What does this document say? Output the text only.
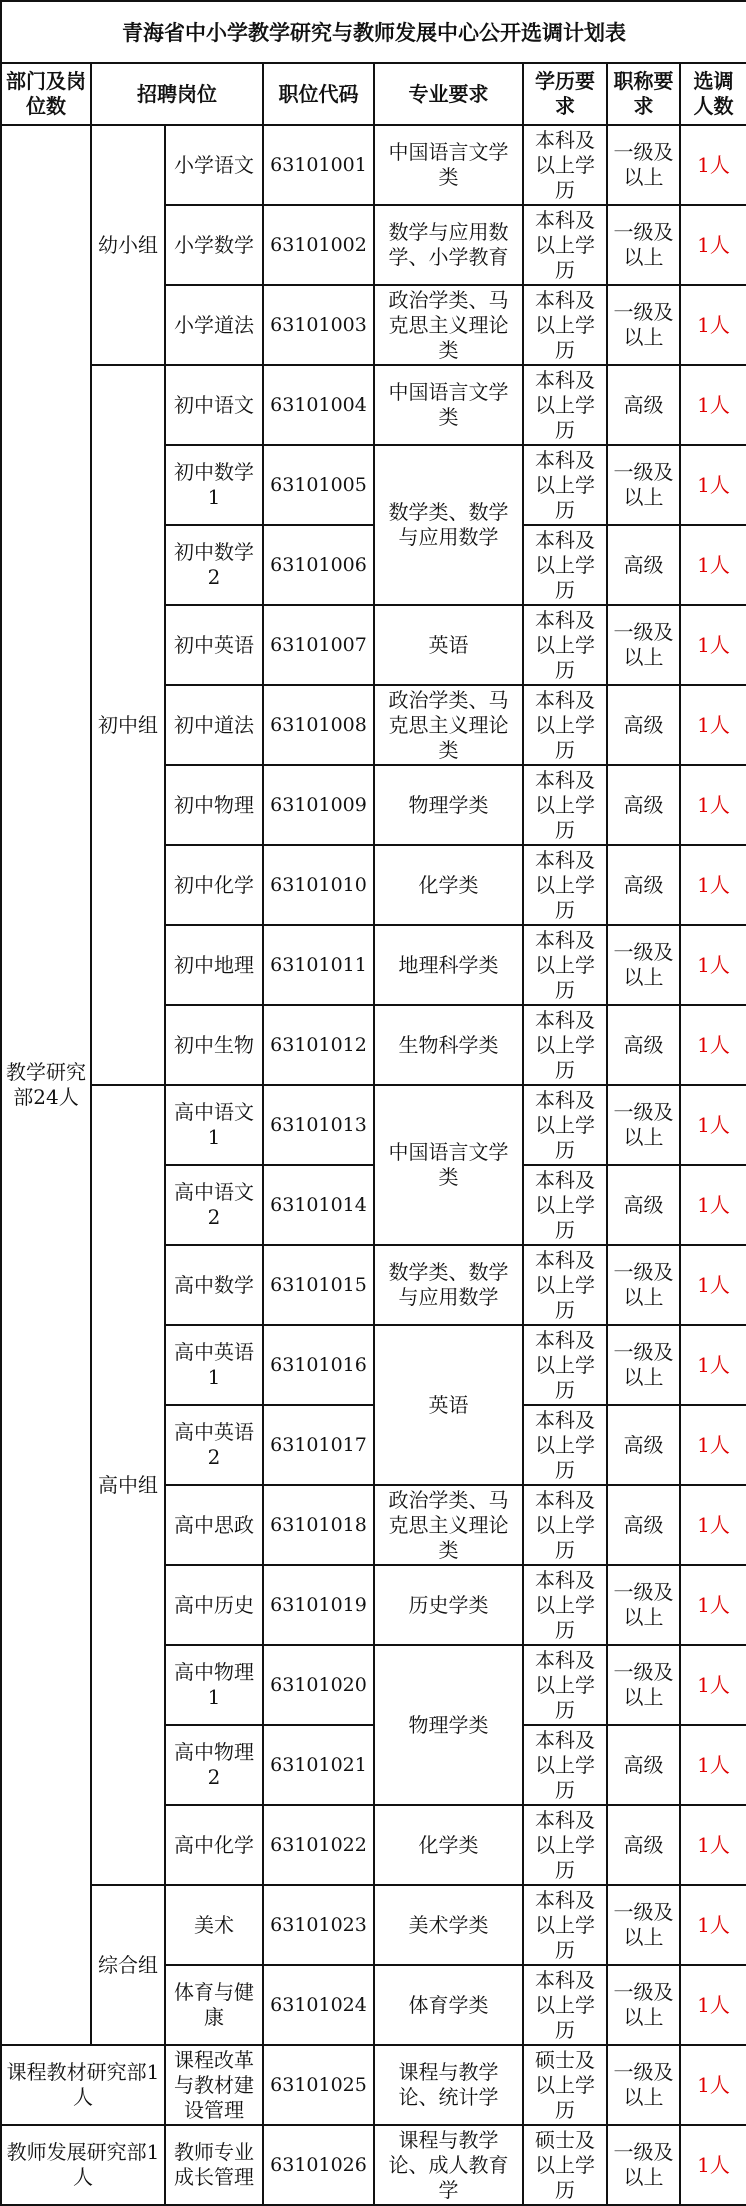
青海省中小学教学研究与教师发展中心公开选调计划表							
部门及岗位数	招聘岗位		职位代码	专业要求	学历要求	职称要求	选调人数
教学研究部24人	幼小组	小学语文	63101001	中国语言文学类	本科及以上学历	一级及以上	1人
		小学数学	63101002	数学与应用数学、小学教育	本科及以上学历	一级及以上	1人
		小学道法	63101003	政治学类、马克思主义理论类	本科及以上学历	一级及以上	1人
	初中组	初中语文	63101004	中国语言文学类	本科及以上学历	高级	1人
		初中数学1	63101005	数学类、数学与应用数学	本科及以上学历	一级及以上	1人
		初中数学2	63101006		本科及以上学历	高级	1人
		初中英语	63101007	英语	本科及以上学历	一级及以上	1人
		初中道法	63101008	政治学类、马克思主义理论类	本科及以上学历	高级	1人
		初中物理	63101009	物理学类	本科及以上学历	高级	1人
		初中化学	63101010	化学类	本科及以上学历	高级	1人
		初中地理	63101011	地理科学类	本科及以上学历	一级及以上	1人
		初中生物	63101012	生物科学类	本科及以上学历	高级	1人
	高中组	高中语文1	63101013	中国语言文学类	本科及以上学历	一级及以上	1人
		高中语文2	63101014		本科及以上学历	高级	1人
		高中数学	63101015	数学类、数学与应用数学	本科及以上学历	一级及以上	1人
		高中英语1	63101016	英语	本科及以上学历	一级及以上	1人
		高中英语2	63101017		本科及以上学历	高级	1人
		高中思政	63101018	政治学类、马克思主义理论类	本科及以上学历	高级	1人
		高中历史	63101019	历史学类	本科及以上学历	一级及以上	1人
		高中物理1	63101020	物理学类	本科及以上学历	一级及以上	1人
		高中物理2	63101021		本科及以上学历	高级	1人
		高中化学	63101022	化学类	本科及以上学历	高级	1人
	综合组	美术	63101023	美术学类	本科及以上学历	一级及以上	1人
		体育与健康	63101024	体育学类	本科及以上学历	一级及以上	1人
课程教材研究部1人		课程改革与教材建设管理	63101025	课程与教学论、统计学	硕士及以上学历	一级及以上	1人
教师发展研究部1人		教师专业成长管理	63101026	课程与教学论、成人教育学	硕士及以上学历	一级及以上	1人
